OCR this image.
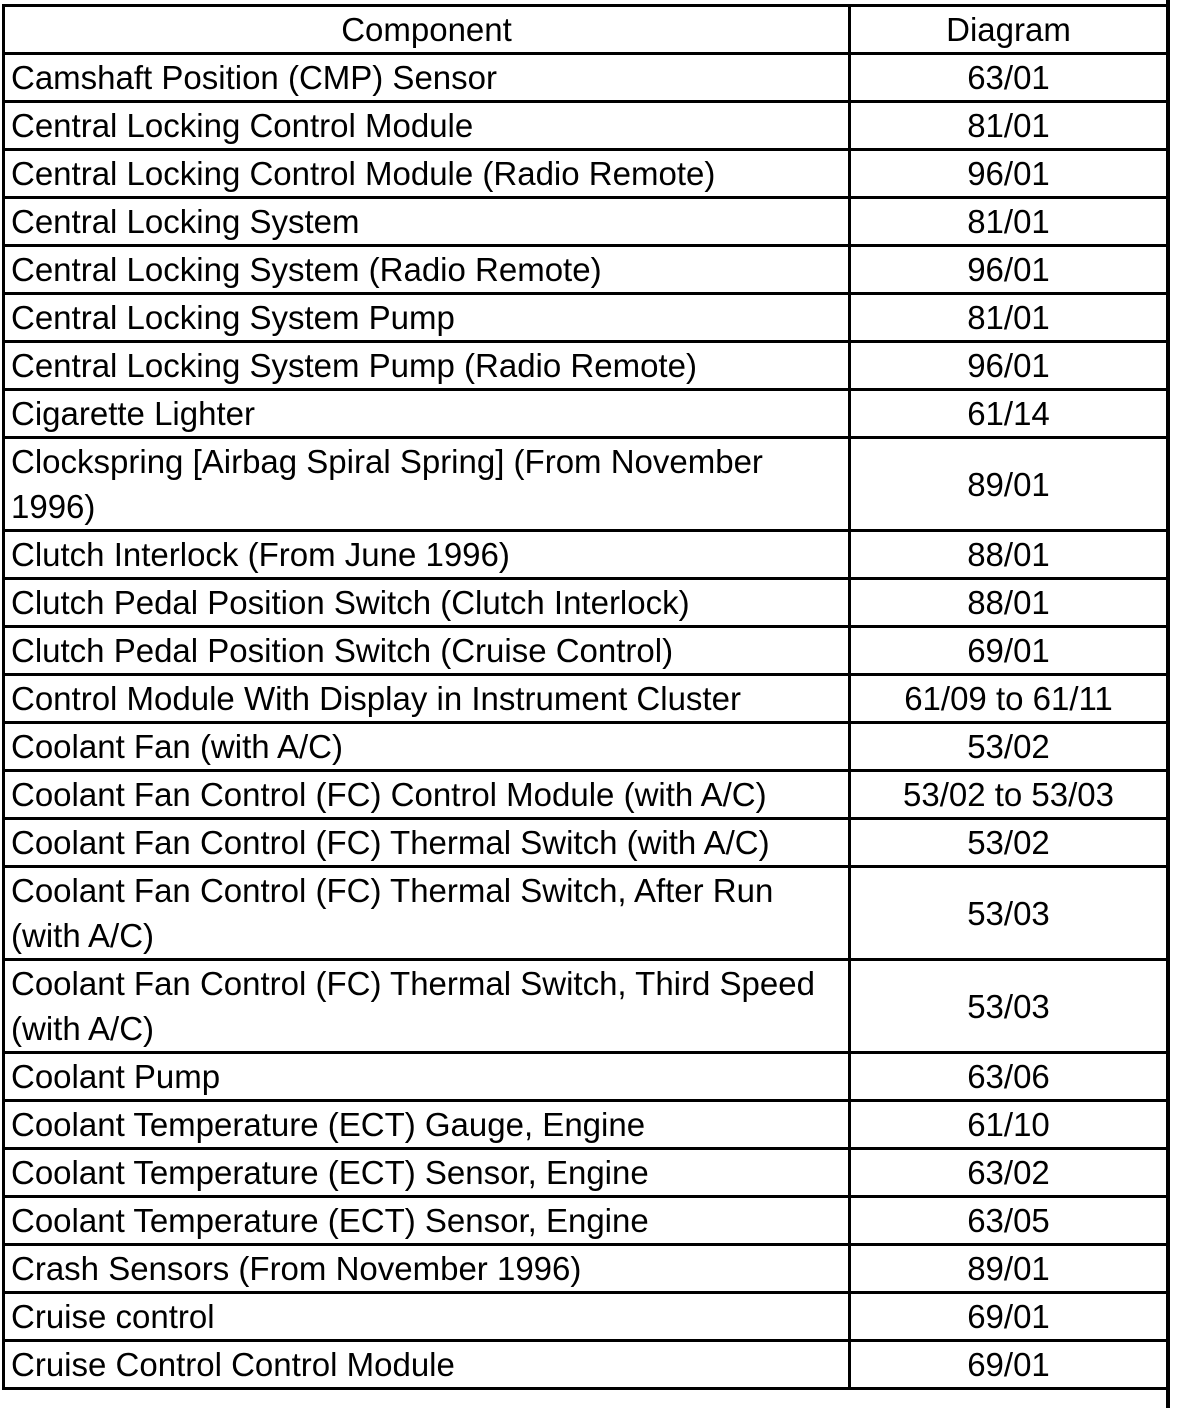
Component	Diagram
Camshaft Position (CMP) Sensor	63/01
Central Locking Control Module	81/01
Central Locking Control Module (Radio Remote)	96/01
Central Locking System	81/01
Central Locking System (Radio Remote)	96/01
Central Locking System Pump	81/01
Central Locking System Pump (Radio Remote)	96/01
Cigarette Lighter	61/14
Clockspring [Airbag Spiral Spring] (From November 1996)	89/01
Clutch Interlock (From June 1996)	88/01
Clutch Pedal Position Switch (Clutch Interlock)	88/01
Clutch Pedal Position Switch (Cruise Control)	69/01
Control Module With Display in Instrument Cluster	61/09 to 61/11
Coolant Fan (with A/C)	53/02
Coolant Fan Control (FC) Control Module (with A/C)	53/02 to 53/03
Coolant Fan Control (FC) Thermal Switch (with A/C)	53/02
Coolant Fan Control (FC) Thermal Switch, After Run (with A/C)	53/03
Coolant Fan Control (FC) Thermal Switch, Third Speed (with A/C)	53/03
Coolant Pump	63/06
Coolant Temperature (ECT) Gauge, Engine	61/10
Coolant Temperature (ECT) Sensor, Engine	63/02
Coolant Temperature (ECT) Sensor, Engine	63/05
Crash Sensors (From November 1996)	89/01
Cruise control	69/01
Cruise Control Control Module	69/01
